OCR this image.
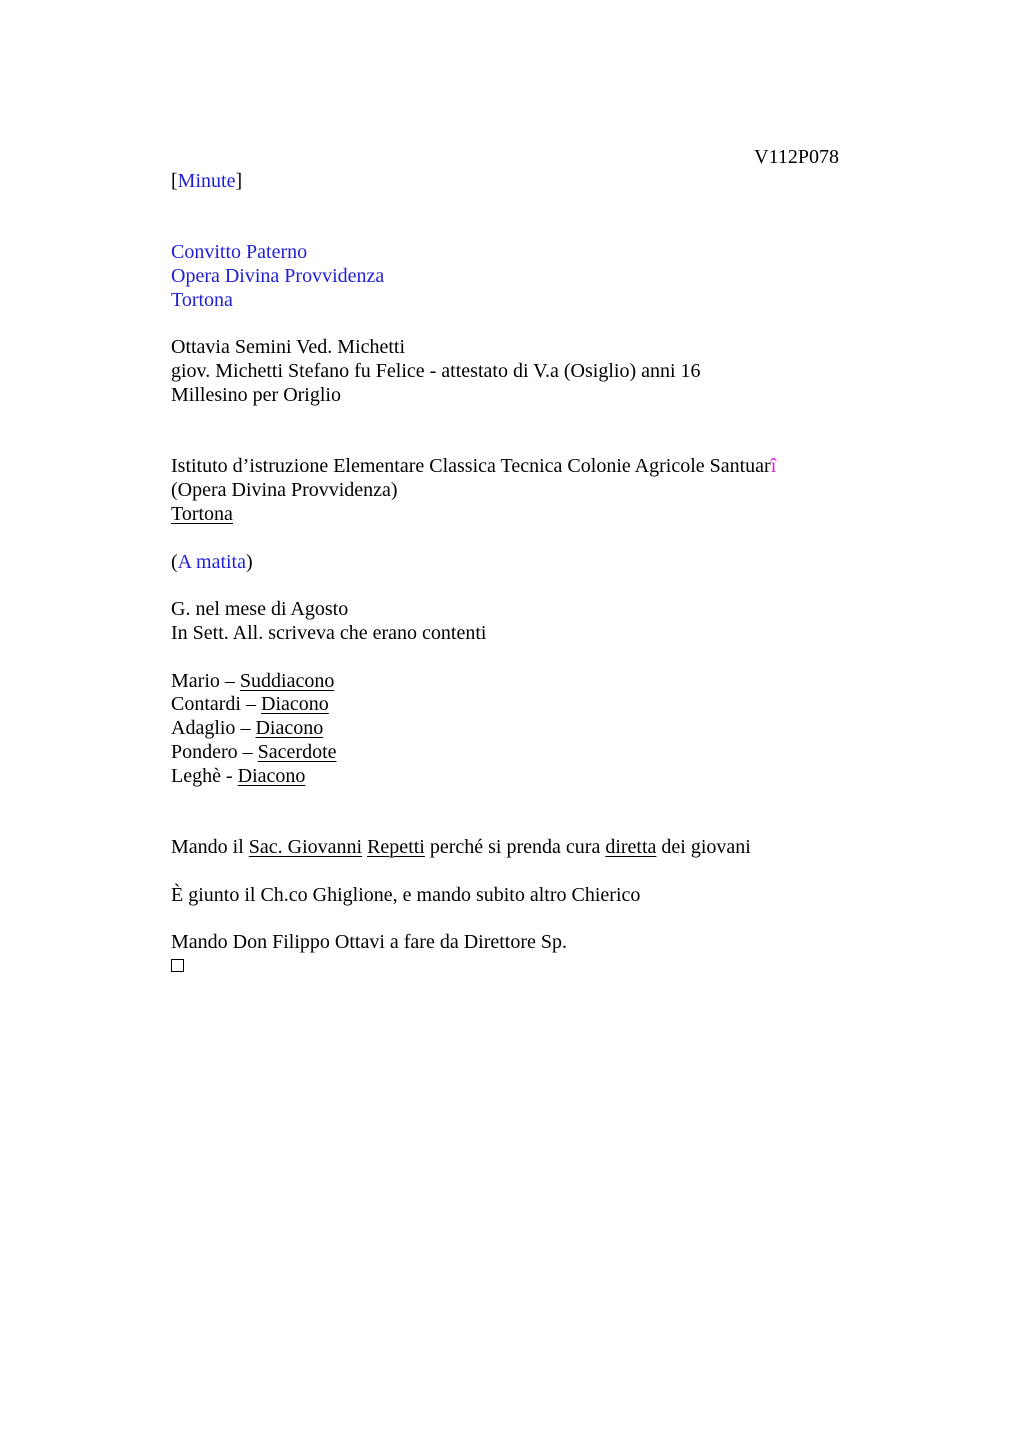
V112P078
[Minute]
Convitto Paterno
Opera Divina Provvidenza
Tortona
Ottavia Semini Ved. Michetti
giov. Michetti Stefano fu Felice - attestato di V.a (Osiglio) anni 16
Millesino per Origlio
Istituto d’istruzione Elementare Classica Tecnica Colonie Agricole Santuarî
(Opera Divina Provvidenza)
Tortona
(A matita)
G. nel mese di Agosto
In Sett. All. scriveva che erano contenti
Mario – Suddiacono
Contardi – Diacono
Adaglio – Diacono
Pondero – Sacerdote
Leghè - Diacono
Mando il Sac. Giovanni Repetti perché si prenda cura diretta dei giovani
È giunto il Ch.co Ghiglione, e mando subito altro Chierico
Mando Don Filippo Ottavi a fare da Direttore Sp.
